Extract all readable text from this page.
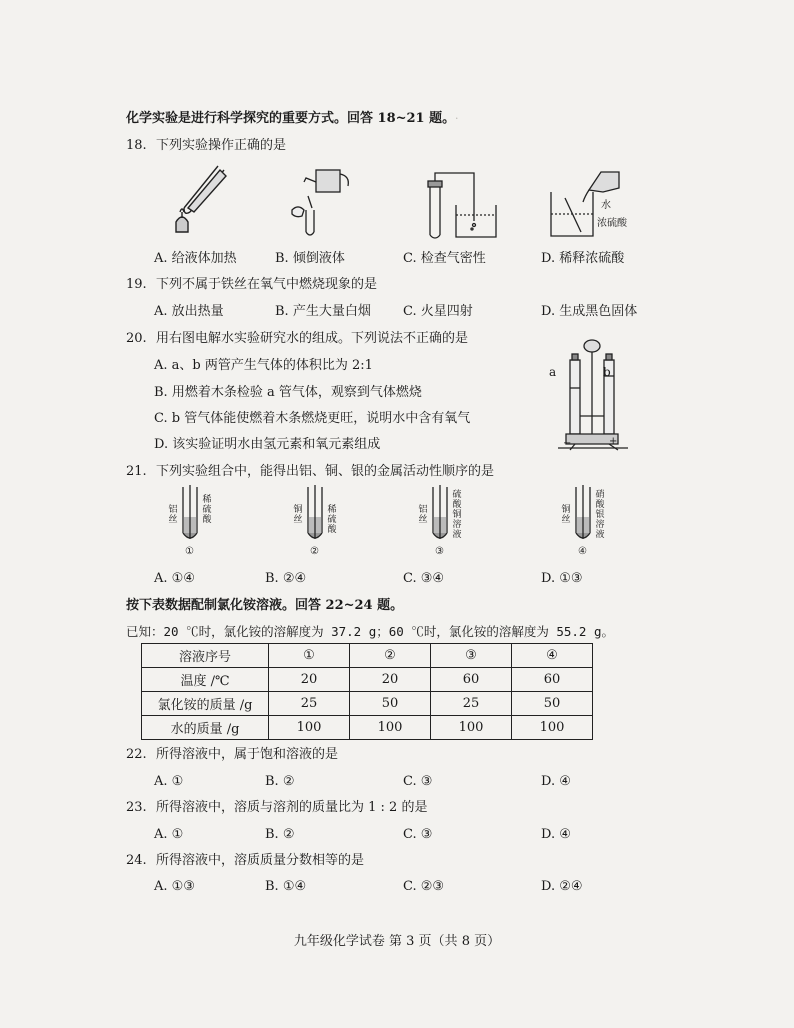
·
化学实验是进行科学探究的重要方式。回答 18~21 题。
18. 下列实验操作正确的是
水
浓硫酸
A. 给液体加热	B. 倾倒液体	C. 检查气密性	D. 稀释浓硫酸
19. 下列不属于铁丝在氧气中燃烧现象的是
A. 放出热量	B. 产生大量白烟 C. 火星四射	D. 生成黑色固体
20. 用右图电解水实验研究水的组成。下列说法不正确的是
A. a、b 两管产生气体的体积比为 2:1
B. 用燃着木条检验 a 管气体，观察到气体燃烧
C. b 管气体能使燃着木条燃烧更旺，说明水中含有氧气
D. 该实验证明水由氢元素和氧元素组成
a	b
−	+
21. 下列实验组合中，能得出铝、铜、银的金属活动性顺序的是
铝丝
稀硫酸
①
铜丝
稀硫酸
②
铝丝
硫酸铜溶液
③
铜丝
硝酸银溶液
④
A. ①④	B. ②④	C. ③④	D. ①③
按下表数据配制氯化铵溶液。回答 22~24 题。
已知：20 ℃时，氯化铵的溶解度为 37.2 g；60 ℃时，氯化铵的溶解度为 55.2 g。
溶液序号	①	②	③	④
温度 /℃	20	20	60	60
氯化铵的质量 /g	25	50	25	50
水的质量 /g	100	100	100	100
22. 所得溶液中，属于饱和溶液的是
A. ①	B. ②	C. ③	D. ④
23. 所得溶液中，溶质与溶剂的质量比为 1 : 2 的是
A. ①	B. ②	C. ③	D. ④
24. 所得溶液中，溶质质量分数相等的是
A. ①③	B. ①④	C. ②③	D. ②④
九年级化学试卷 第 3 页（共 8 页）
